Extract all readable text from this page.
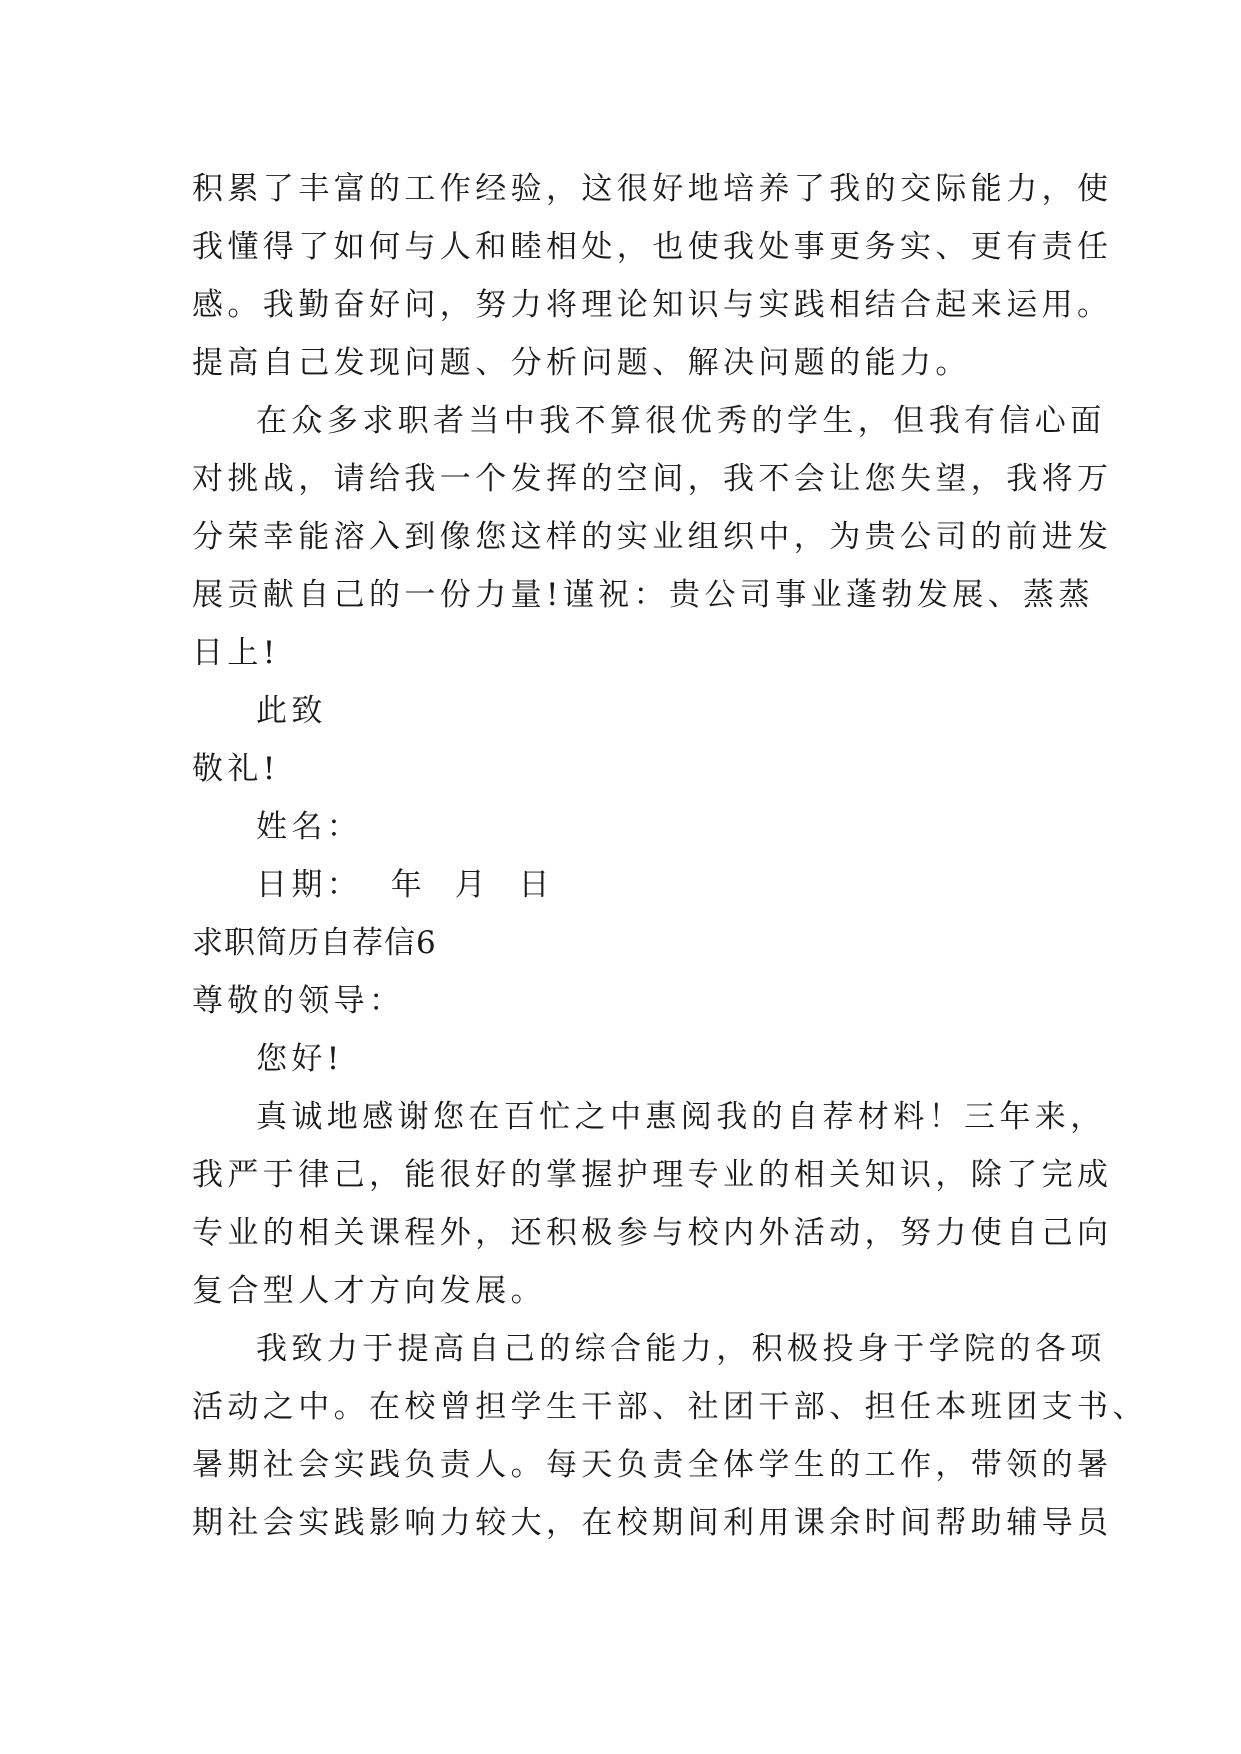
积累了丰富的工作经验，这很好地培养了我的交际能力，使
我懂得了如何与人和睦相处，也使我处事更务实、更有责任
感。我勤奋好问，努力将理论知识与实践相结合起来运用。
提高自己发现问题、分析问题、解决问题的能力。
在众多求职者当中我不算很优秀的学生，但我有信心面
对挑战，请给我一个发挥的空间，我不会让您失望，我将万
分荣幸能溶入到像您这样的实业组织中，为贵公司的前进发
展贡献自己的一份力量!谨祝：贵公司事业蓬勃发展、蒸蒸
日上!
此致
敬礼!
姓名：
日期：  年  月  日
求职简历自荐信6
尊敬的领导：
您好!
真诚地感谢您在百忙之中惠阅我的自荐材料！三年来，
我严于律己，能很好的掌握护理专业的相关知识，除了完成
专业的相关课程外，还积极参与校内外活动，努力使自己向
复合型人才方向发展。
我致力于提高自己的综合能力，积极投身于学院的各项
活动之中。在校曾担学生干部、社团干部、担任本班团支书、
暑期社会实践负责人。每天负责全体学生的工作，带领的暑
期社会实践影响力较大，在校期间利用课余时间帮助辅导员
